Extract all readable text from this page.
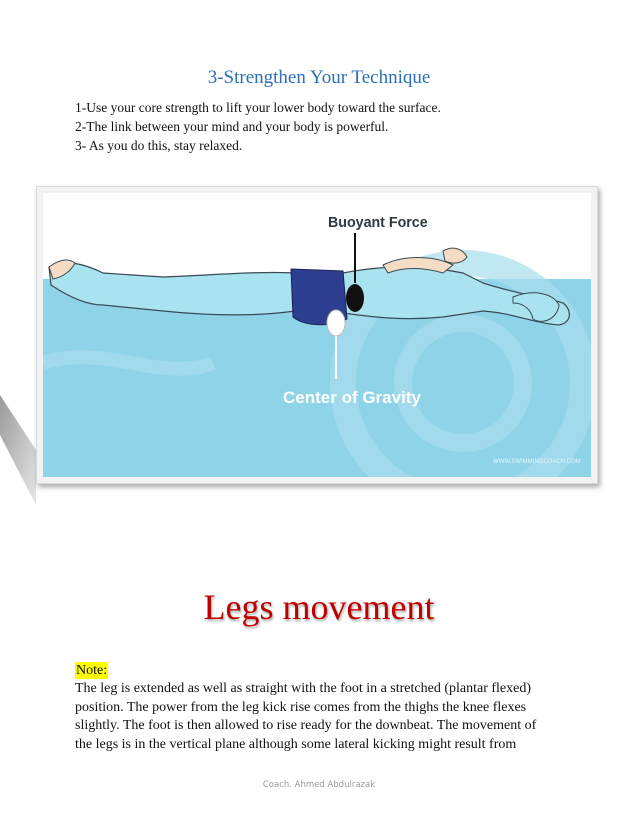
3-Strengthen Your Technique
1-Use your core strength to lift your lower body toward the surface.
2-The link between your mind and your body is powerful.
3- As you do this, stay relaxed.
Buoyant Force
Center of Gravity
WWW.SWIMMINGCOACH.COM
Legs movement
Note:
The leg is extended as well as straight with the foot in a stretched (plantar flexed)
position. The power from the leg kick rise comes from the thighs the knee flexes
slightly. The foot is then allowed to rise ready for the downbeat. The movement of
the legs is in the vertical plane although some lateral kicking might result from
Coach. Ahmed Abdulrazak
